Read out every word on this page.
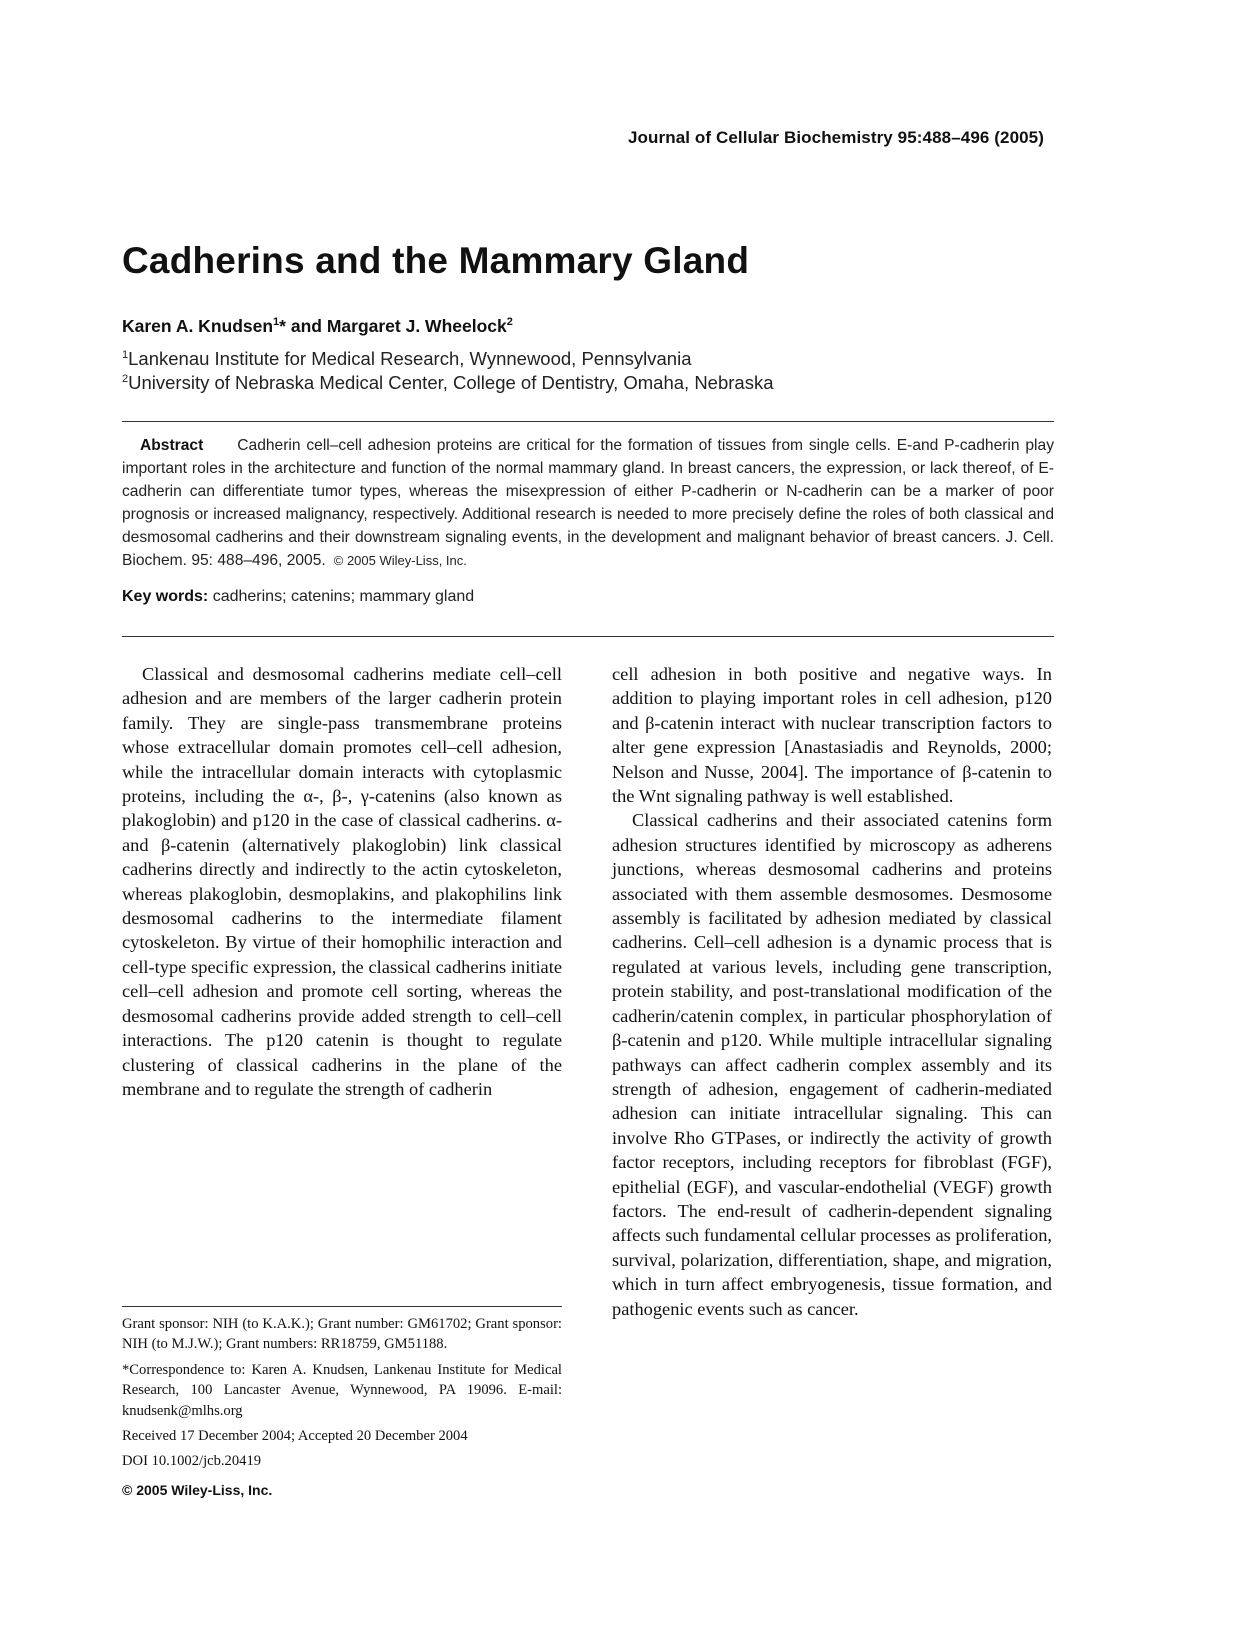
Journal of Cellular Biochemistry 95:488–496 (2005)
Cadherins and the Mammary Gland
Karen A. Knudsen$^1$* and Margaret J. Wheelock$^2$
$^1$Lankenau Institute for Medical Research, Wynnewood, Pennsylvania
$^2$University of Nebraska Medical Center, College of Dentistry, Omaha, Nebraska
Abstract Cadherin cell–cell adhesion proteins are critical for the formation of tissues from single cells. E-and P-cadherin play important roles in the architecture and function of the normal mammary gland. In breast cancers, the expression, or lack thereof, of E-cadherin can differentiate tumor types, whereas the misexpression of either P-cadherin or N-cadherin can be a marker of poor prognosis or increased malignancy, respectively. Additional research is needed to more precisely define the roles of both classical and desmosomal cadherins and their downstream signaling events, in the development and malignant behavior of breast cancers. J. Cell. Biochem. 95: 488–496, 2005. © 2005 Wiley-Liss, Inc.
Key words: cadherins; catenins; mammary gland

Classical and desmosomal cadherins mediate cell–cell adhesion and are members of the larger cadherin protein family. They are single-pass transmembrane proteins whose extracellular domain promotes cell–cell adhesion, while the intracellular domain interacts with cytoplasmic proteins, including the α-, β-, γ-catenins (also known as plakoglobin) and p120 in the case of classical cadherins. α- and β-catenin (alternatively plakoglobin) link classical cadherins directly and indirectly to the actin cytoskeleton, whereas plakoglobin, desmoplakins, and plakophilins link desmosomal cadherins to the intermediate filament cytoskeleton. By virtue of their homophilic interaction and cell-type specific expression, the classical cadherins initiate cell–cell adhesion and promote cell sorting, whereas the desmosomal cadherins provide added strength to cell–cell interactions. The p120 catenin is thought to regulate clustering of classical cadherins in the plane of the membrane and to regulate the strength of cadherin

cell adhesion in both positive and negative ways. In addition to playing important roles in cell adhesion, p120 and β-catenin interact with nuclear transcription factors to alter gene expression [Anastasiadis and Reynolds, 2000; Nelson and Nusse, 2004]. The importance of β-catenin to the Wnt signaling pathway is well established.

Classical cadherins and their associated catenins form adhesion structures identified by microscopy as adherens junctions, whereas desmosomal cadherins and proteins associated with them assemble desmosomes. Desmosome assembly is facilitated by adhesion mediated by classical cadherins. Cell–cell adhesion is a dynamic process that is regulated at various levels, including gene transcription, protein stability, and post-translational modification of the cadherin/catenin complex, in particular phosphorylation of β-catenin and p120. While multiple intracellular signaling pathways can affect cadherin complex assembly and its strength of adhesion, engagement of cadherin-mediated adhesion can initiate intracellular signaling. This can involve Rho GTPases, or indirectly the activity of growth factor receptors, including receptors for fibroblast (FGF), epithelial (EGF), and vascular-endothelial (VEGF) growth factors. The end-result of cadherin-dependent signaling affects such fundamental cellular processes as proliferation, survival, polarization, differentiation, shape, and migration, which in turn affect embryogenesis, tissue formation, and pathogenic events such as cancer.

Grant sponsor: NIH (to K.A.K.); Grant number: GM61702; Grant sponsor: NIH (to M.J.W.); Grant numbers: RR18759, GM51188.

*Correspondence to: Karen A. Knudsen, Lankenau Institute for Medical Research, 100 Lancaster Avenue, Wynnewood, PA 19096. E-mail: knudsenk@mlhs.org

Received 17 December 2004; Accepted 20 December 2004

DOI 10.1002/jcb.20419

© 2005 Wiley-Liss, Inc.
